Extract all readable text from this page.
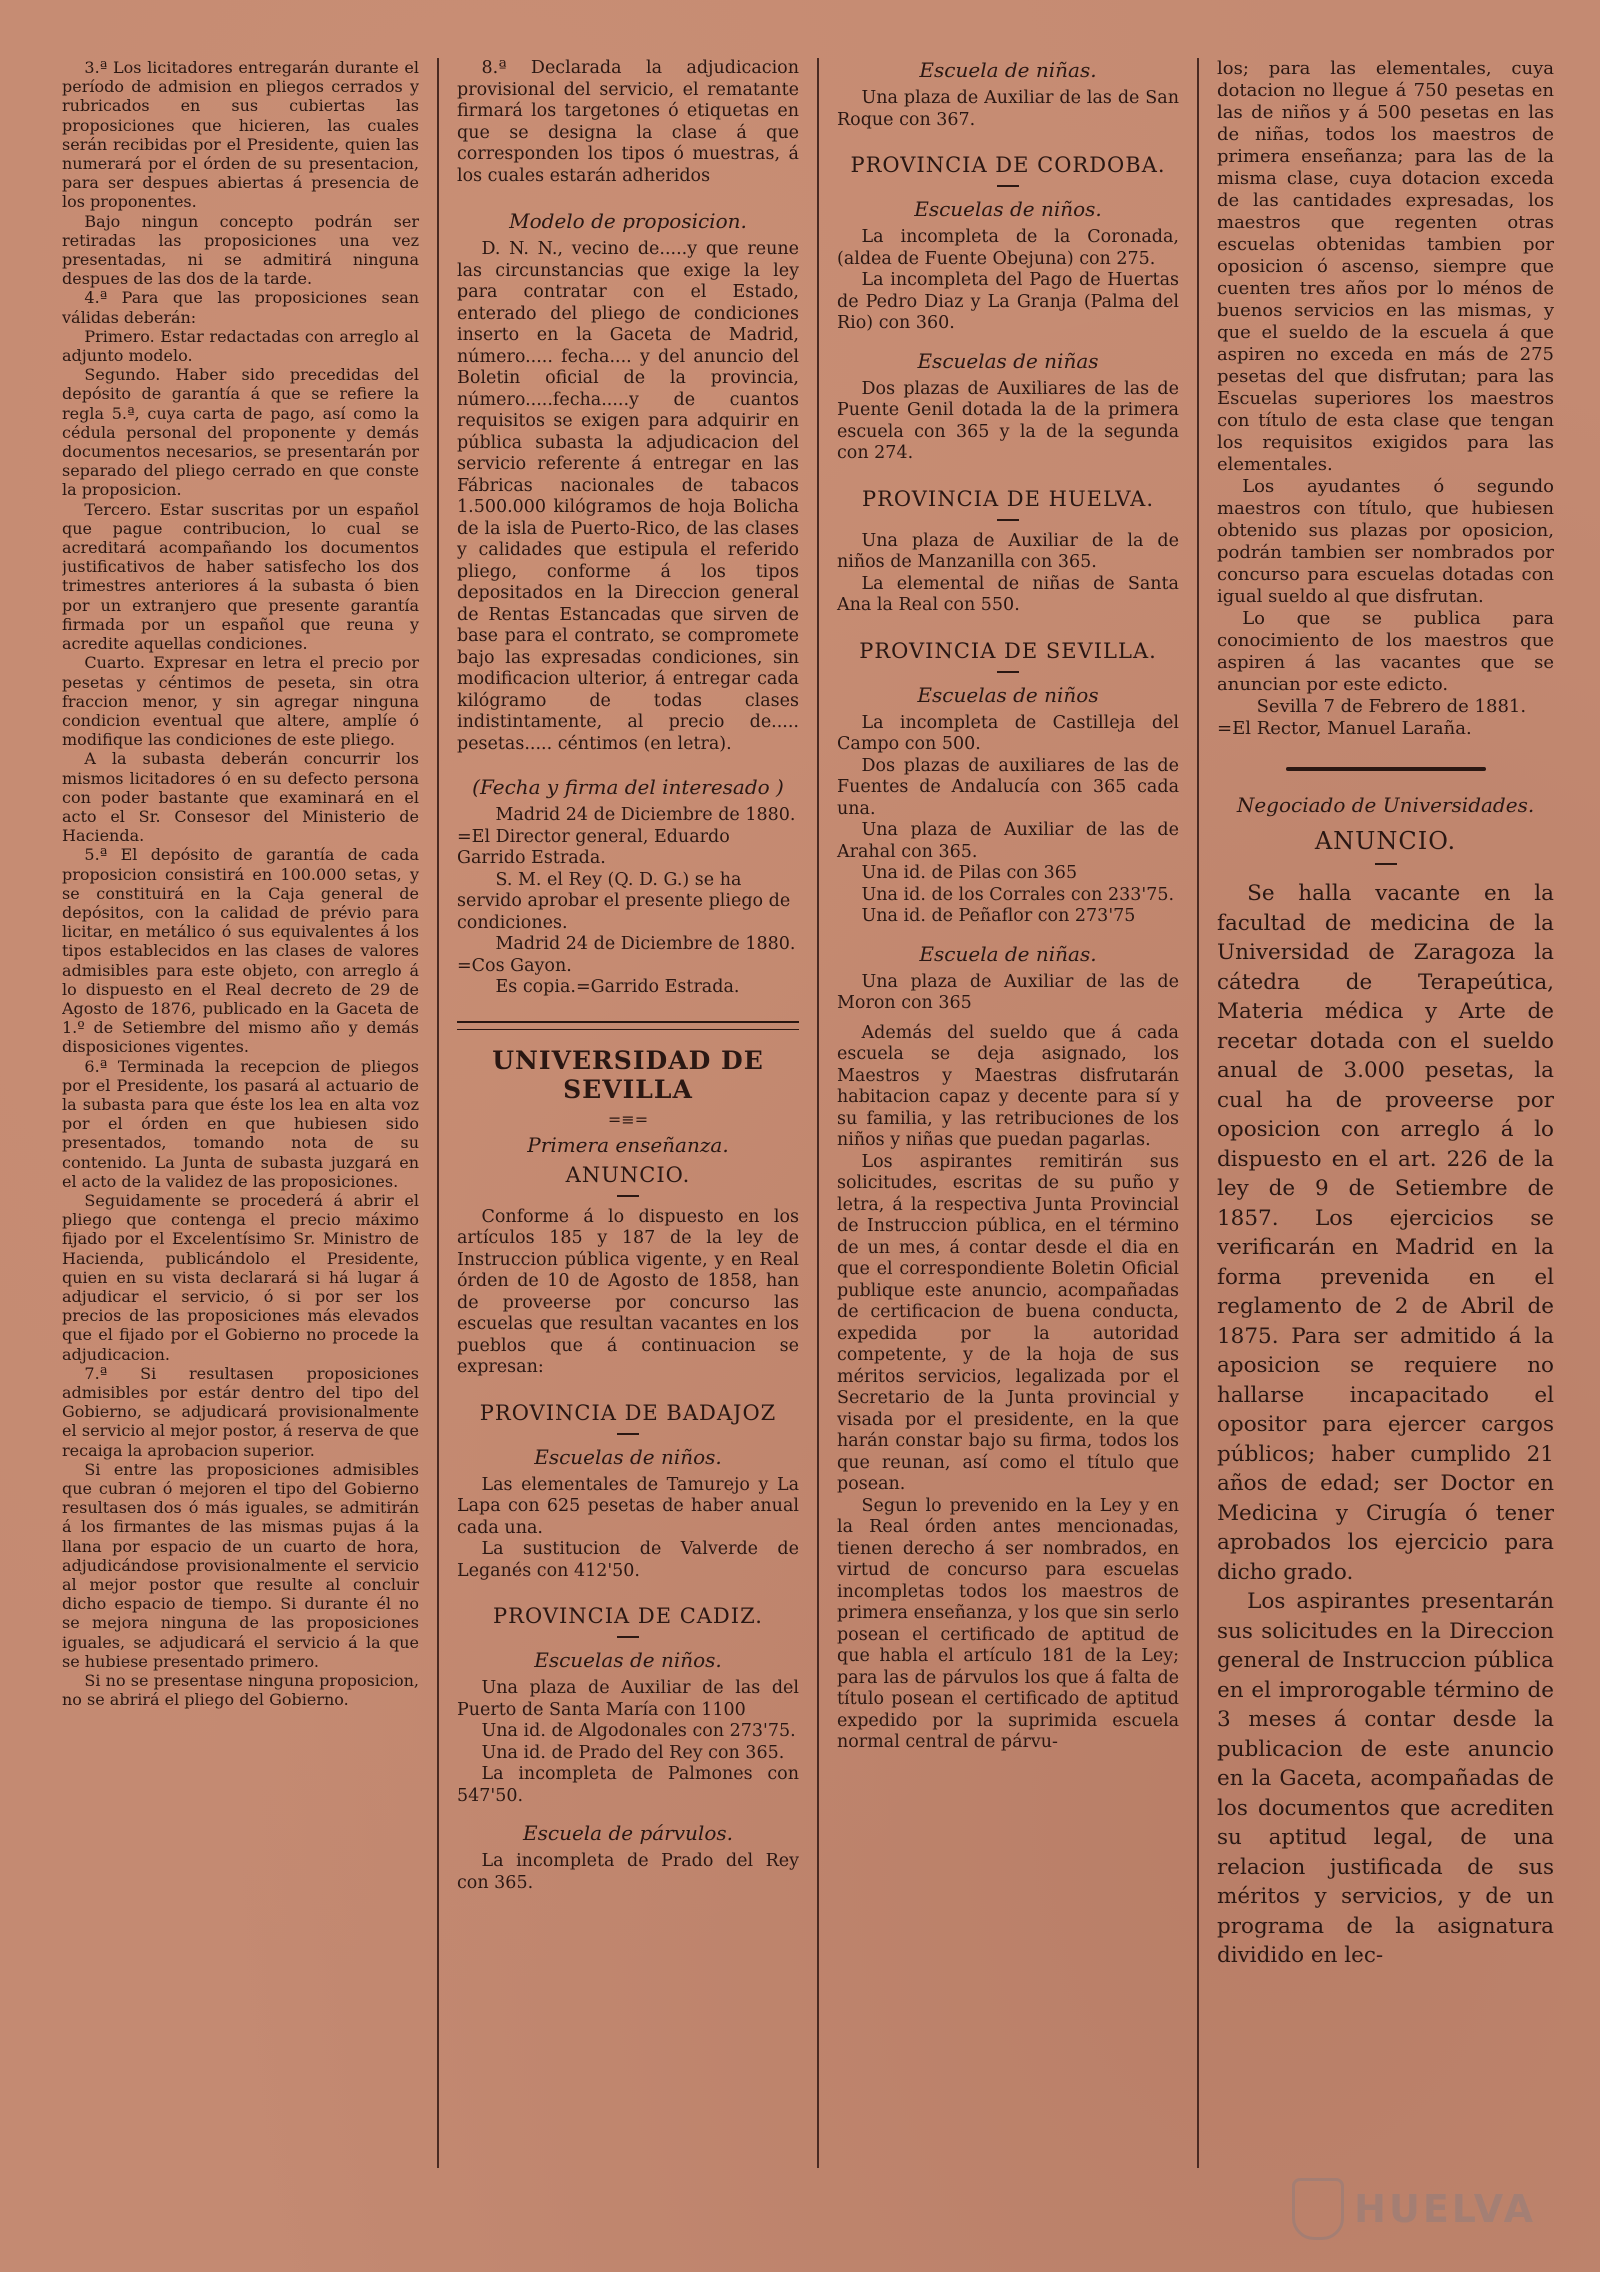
3.ª Los licitadores entregarán durante el período de admision en pliegos cerrados y rubricados en sus cubiertas las proposiciones que hicieren, las cuales serán recibidas por el Presidente, quien las numerará por el órden de su presentacion, para ser despues abiertas á presencia de los proponentes.

Bajo ningun concepto podrán ser retiradas las proposiciones una vez presentadas, ni se admitirá ninguna despues de las dos de la tarde.

4.ª Para que las proposiciones sean válidas deberán:

Primero. Estar redactadas con arreglo al adjunto modelo.

Segundo. Haber sido precedidas del depósito de garantía á que se refiere la regla 5.ª, cuya carta de pago, así como la cédula personal del proponente y demás documentos necesarios, se presentarán por separado del pliego cerrado en que conste la proposicion.

Tercero. Estar suscritas por un español que pague contribucion, lo cual se acreditará acompañando los documentos justificativos de haber satisfecho los dos trimestres anteriores á la subasta ó bien por un extranjero que presente garantía firmada por un español que reuna y acredite aquellas condiciones.

Cuarto. Expresar en letra el precio por pesetas y céntimos de peseta, sin otra fraccion menor, y sin agregar ninguna condicion eventual que altere, amplíe ó modifique las condiciones de este pliego.

A la subasta deberán concurrir los mismos licitadores ó en su defecto persona con poder bastante que examinará en el acto el Sr. Consesor del Ministerio de Hacienda.

5.ª El depósito de garantía de cada proposicion consistirá en 100.000 setas, y se constituirá en la Caja general de depósitos, con la calidad de prévio para licitar, en metálico ó sus equivalentes á los tipos establecidos en las clases de valores admisibles para este objeto, con arreglo á lo dispuesto en el Real decreto de 29 de Agosto de 1876, publicado en la Gaceta de 1.º de Setiembre del mismo año y demás disposiciones vigentes.

6.ª Terminada la recepcion de pliegos por el Presidente, los pasará al actuario de la subasta para que éste los lea en alta voz por el órden en que hubiesen sido presentados, tomando nota de su contenido. La Junta de subasta juzgará en el acto de la validez de las proposiciones.

Seguidamente se procederá á abrir el pliego que contenga el precio máximo fijado por el Excelentísimo Sr. Ministro de Hacienda, publicándolo el Presidente, quien en su vista declarará si há lugar á adjudicar el servicio, ó si por ser los precios de las proposiciones más elevados que el fijado por el Gobierno no procede la adjudicacion.

7.ª Si resultasen proposiciones admisibles por estár dentro del tipo del Gobierno, se adjudicará provisionalmente el servicio al mejor postor, á reserva de que recaiga la aprobacion superior.

Si entre las proposiciones admisibles que cubran ó mejoren el tipo del Gobierno resultasen dos ó más iguales, se admitirán á los firmantes de las mismas pujas á la llana por espacio de un cuarto de hora, adjudicándose provisionalmente el servicio al mejor postor que resulte al concluir dicho espacio de tiempo. Si durante él no se mejora ninguna de las proposiciones iguales, se adjudicará el servicio á la que se hubiese presentado primero.

Si no se presentase ninguna proposicion, no se abrirá el pliego del Gobierno.

8.ª Declarada la adjudicacion provisional del servicio, el rematante firmará los targetones ó etiquetas en que se designa la clase á que corresponden los tipos ó muestras, á los cuales estarán adheridos

Modelo de proposicion.

D. N. N., vecino de.....y que reune las circunstancias que exige la ley para contratar con el Estado, enterado del pliego de condiciones inserto en la Gaceta de Madrid, número..... fecha.... y del anuncio del Boletin oficial de la provincia, número.....fecha.....y de cuantos requisitos se exigen para adquirir en pública subasta la adjudicacion del servicio referente á entregar en las Fábricas nacionales de tabacos 1.500.000 kilógramos de hoja Bolicha de la isla de Puerto-Rico, de las clases y calidades que estipula el referido pliego, conforme á los tipos depositados en la Direccion general de Rentas Estancadas que sirven de base para el contrato, se compromete bajo las expresadas condiciones, sin modificacion ulterior, á entregar cada kilógramo de todas clases indistintamente, al precio de..... pesetas..... céntimos (en letra).

(Fecha y firma del interesado )

Madrid 24 de Diciembre de 1880. =El Director general, Eduardo Garrido Estrada.

S. M. el Rey (Q. D. G.) se ha servido aprobar el presente pliego de condiciones.

Madrid 24 de Diciembre de 1880. =Cos Gayon.

Es copia.=Garrido Estrada.

UNIVERSIDAD DE SEVILLA
=≡=
Primera enseñanza.
ANUNCIO.

Conforme á lo dispuesto en los artículos 185 y 187 de la ley de Instruccion pública vigente, y en Real órden de 10 de Agosto de 1858, han de proveerse por concurso las escuelas que resultan vacantes en los pueblos que á continuacion se expresan:

PROVINCIA DE BADAJOZ
Escuelas de niños.

Las elementales de Tamurejo y La Lapa con 625 pesetas de haber anual cada una.

La sustitucion de Valverde de Leganés con 412'50.

PROVINCIA DE CADIZ.
Escuelas de niños.

Una plaza de Auxiliar de las del Puerto de Santa María con 1100

Una id. de Algodonales con 273'75.

Una id. de Prado del Rey con 365.

La incompleta de Palmones con 547'50.

Escuela de párvulos.

La incompleta de Prado del Rey con 365.

Escuela de niñas.

Una plaza de Auxiliar de las de San Roque con 367.

PROVINCIA DE CORDOBA.
Escuelas de niños.

La incompleta de la Coronada, (aldea de Fuente Obejuna) con 275.

La incompleta del Pago de Huertas de Pedro Diaz y La Granja (Palma del Rio) con 360.

Escuelas de niñas

Dos plazas de Auxiliares de las de Puente Genil dotada la de la primera escuela con 365 y la de la segunda con 274.

PROVINCIA DE HUELVA.

Una plaza de Auxiliar de la de niños de Manzanilla con 365.

La elemental de niñas de Santa Ana la Real con 550.

PROVINCIA DE SEVILLA.
Escuelas de niños

La incompleta de Castilleja del Campo con 500.

Dos plazas de auxiliares de las de Fuentes de Andalucía con 365 cada una.

Una plaza de Auxiliar de las de Arahal con 365.

Una id. de Pilas con 365

Una id. de los Corrales con 233'75.

Una id. de Peñaflor con 273'75

Escuela de niñas.

Una plaza de Auxiliar de las de Moron con 365

Además del sueldo que á cada escuela se deja asignado, los Maestros y Maestras disfrutarán habitacion capaz y decente para sí y su familia, y las retribuciones de los niños y niñas que puedan pagarlas.

Los aspirantes remitirán sus solicitudes, escritas de su puño y letra, á la respectiva Junta Provincial de Instruccion pública, en el término de un mes, á contar desde el dia en que el correspondiente Boletin Oficial publique este anuncio, acompañadas de certificacion de buena conducta, expedida por la autoridad competente, y de la hoja de sus méritos servicios, legalizada por el Secretario de la Junta provincial y visada por el presidente, en la que harán constar bajo su firma, todos los que reunan, así como el título que posean.

Segun lo prevenido en la Ley y en la Real órden antes mencionadas, tienen derecho á ser nombrados, en virtud de concurso para escuelas incompletas todos los maestros de primera enseñanza, y los que sin serlo posean el certificado de aptitud de que habla el artículo 181 de la Ley; para las de párvulos los que á falta de título posean el certificado de aptitud expedido por la suprimida escuela normal central de párvu-

los; para las elementales, cuya dotacion no llegue á 750 pesetas en las de niños y á 500 pesetas en las de niñas, todos los maestros de primera enseñanza; para las de la misma clase, cuya dotacion exceda de las cantidades expresadas, los maestros que regenten otras escuelas obtenidas tambien por oposicion ó ascenso, siempre que cuenten tres años por lo ménos de buenos servicios en las mismas, y que el sueldo de la escuela á que aspiren no exceda en más de 275 pesetas del que disfrutan; para las Escuelas superiores los maestros con título de esta clase que tengan los requisitos exigidos para las elementales.

Los ayudantes ó segundo maestros con título, que hubiesen obtenido sus plazas por oposicion, podrán tambien ser nombrados por concurso para escuelas dotadas con igual sueldo al que disfrutan.

Lo que se publica para conocimiento de los maestros que aspiren á las vacantes que se anuncian por este edicto.

Sevilla 7 de Febrero de 1881. =El Rector, Manuel Laraña.

Negociado de Universidades.
ANUNCIO.

Se halla vacante en la facultad de medicina de la Universidad de Zaragoza la cátedra de Terapeútica, Materia médica y Arte de recetar dotada con el sueldo anual de 3.000 pesetas, la cual ha de proveerse por oposicion con arreglo á lo dispuesto en el art. 226 de la ley de 9 de Setiembre de 1857. Los ejercicios se verificarán en Madrid en la forma prevenida en el reglamento de 2 de Abril de 1875. Para ser admitido á la aposicion se requiere no hallarse incapacitado el opositor para ejercer cargos públicos; haber cumplido 21 años de edad; ser Doctor en Medicina y Cirugía ó tener aprobados los ejercicio para dicho grado.

Los aspirantes presentarán sus solicitudes en la Direccion general de Instruccion pública en el improrogable término de 3 meses á contar desde la publicacion de este anuncio en la Gaceta, acompañadas de los documentos que acrediten su aptitud legal, de una relacion justificada de sus méritos y servicios, y de un programa de la asignatura dividido en lec-

HUELVA
